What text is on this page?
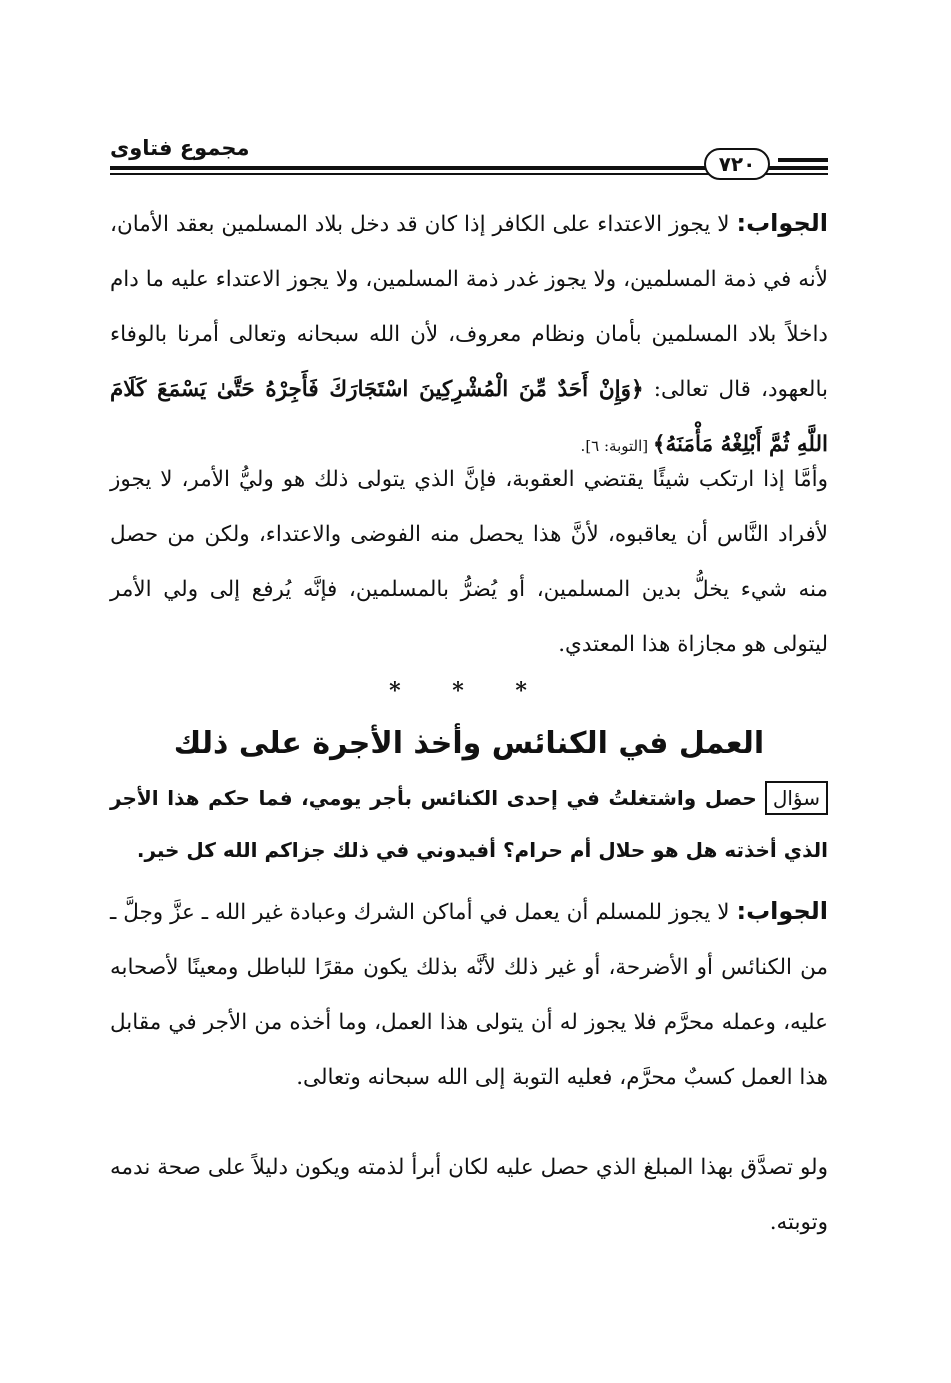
مجموع فتاوى
٧٢٠
الجواب: لا يجوز الاعتداء على الكافر إذا كان قد دخل بلاد المسلمين بعقد الأمان، لأنه في ذمة المسلمين، ولا يجوز غدر ذمة المسلمين، ولا يجوز الاعتداء عليه ما دام داخلاً بلاد المسلمين بأمان ونظام معروف، لأن الله سبحانه وتعالى أمرنا بالوفاء بالعهود، قال تعالى: ﴿وَإِنْ أَحَدٌ مِّنَ الْمُشْرِكِينَ اسْتَجَارَكَ فَأَجِرْهُ حَتَّىٰ يَسْمَعَ كَلَامَ اللَّهِ ثُمَّ أَبْلِغْهُ مَأْمَنَهُ﴾ [التوبة: ٦].
وأمَّا إذا ارتكب شيئًا يقتضي العقوبة، فإنَّ الذي يتولى ذلك هو وليُّ الأمر، لا يجوز لأفراد النَّاس أن يعاقبوه، لأنَّ هذا يحصل منه الفوضى والاعتداء، ولكن من حصل منه شيء يخلُّ بدين المسلمين، أو يُضرُّ بالمسلمين، فإنَّه يُرفع إلى ولي الأمر ليتولى هو مجازاة هذا المعتدي.
* * *
العمل في الكنائس وأخذ الأجرة على ذلك
سؤالحصل واشتغلتُ في إحدى الكنائس بأجر يومي، فما حكم هذا الأجر الذي أخذته هل هو حلال أم حرام؟ أفيدوني في ذلك جزاكم الله كل خير.
الجواب: لا يجوز للمسلم أن يعمل في أماكن الشرك وعبادة غير الله ـ عزَّ وجلَّ ـ من الكنائس أو الأضرحة، أو غير ذلك لأنَّه بذلك يكون مقرًا للباطل ومعينًا لأصحابه عليه، وعمله محرَّم فلا يجوز له أن يتولى هذا العمل، وما أخذه من الأجر في مقابل هذا العمل كسبٌ محرَّم، فعليه التوبة إلى الله سبحانه وتعالى.
ولو تصدَّق بهذا المبلغ الذي حصل عليه لكان أبرأ لذمته ويكون دليلاً على صحة ندمه وتوبته.
